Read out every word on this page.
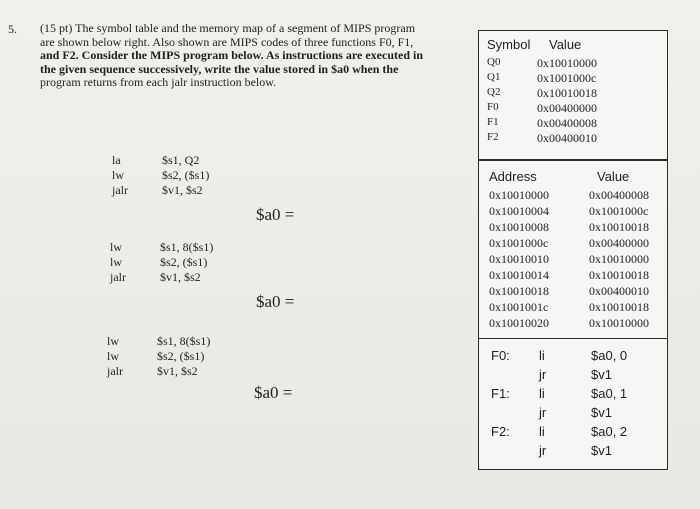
5. (15 pt) The symbol table and the memory map of a segment of MIPS program
are shown below right. Also shown are MIPS codes of three functions F0, F1,
and F2. Consider the MIPS program below. As instructions are executed in
the given sequence successively, write the value stored in $a0 when the
program returns from each jalr instruction below.
la	$s1, Q2
lw	$s2, ($s1)
jalr	$v1, $s2
$a0 =
lw	$s1, 8($s1)
lw	$s2, ($s1)
jalr	$v1, $s2
$a0 =
lw	$s1, 8($s1)
lw	$s2, ($s1)
jalr	$v1, $s2
$a0 =
Symbol Value
Q0	0x10010000
Q1	0x1001000c
Q2	0x10010018
F0	0x00400000
F1	0x00400008
F2	0x00400010
Address	Value
0x10010000	0x00400008
0x10010004	0x1001000c
0x10010008	0x10010018
0x1001000c	0x00400000
0x10010010	0x10010000
0x10010014	0x10010018
0x10010018	0x00400010
0x1001001c	0x10010018
0x10010020	0x10010000
F0: li	$a0, 0
jr	$v1
F1: li	$a0, 1
jr	$v1
F2: li	$a0, 2
jr	$v1
